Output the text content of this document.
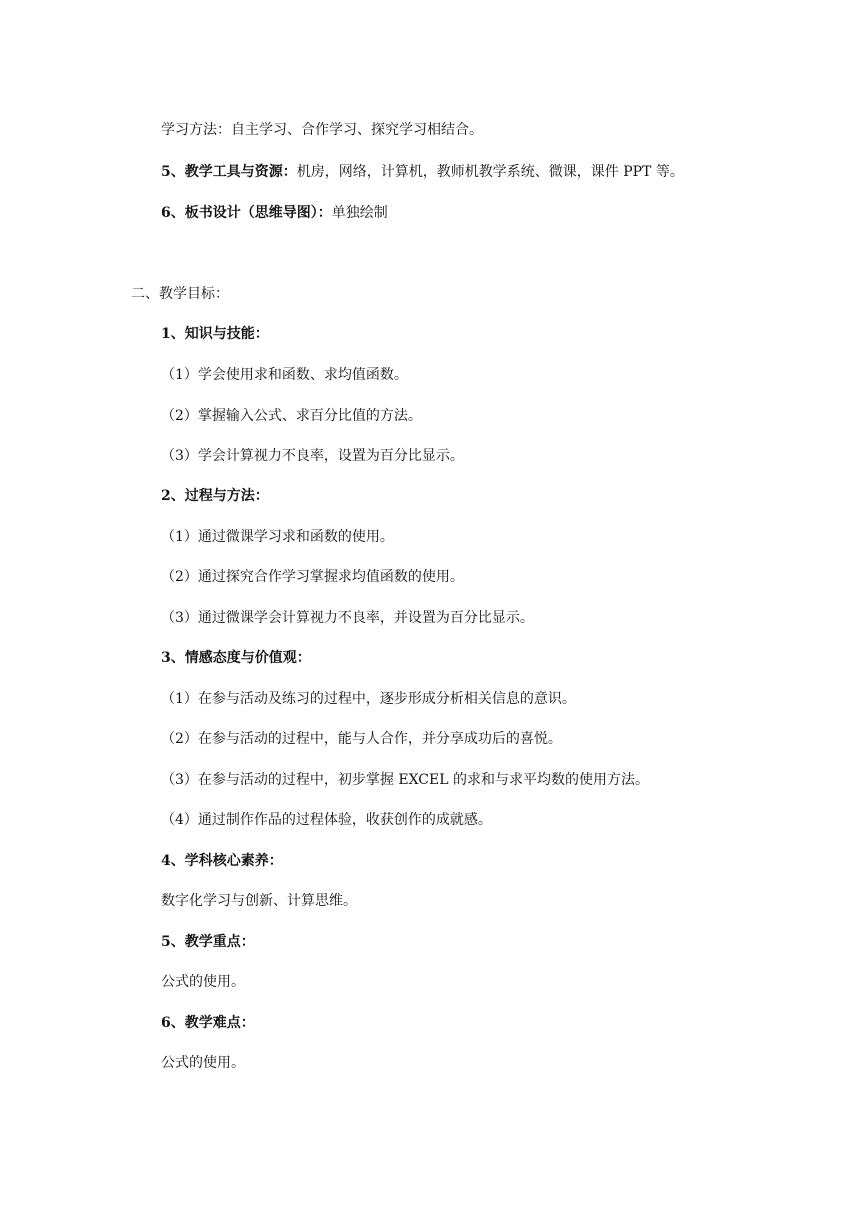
学习方法：自主学习、合作学习、探究学习相结合。
5、教学工具与资源：机房，网络，计算机，教师机教学系统、微课，课件 PPT 等。
6、板书设计（思维导图）：单独绘制
二、教学目标：
1、知识与技能：
（1）学会使用求和函数、求均值函数。
（2）掌握输入公式、求百分比值的方法。
（3）学会计算视力不良率，设置为百分比显示。
2、过程与方法：
（1）通过微课学习求和函数的使用。
（2）通过探究合作学习掌握求均值函数的使用。
（3）通过微课学会计算视力不良率，并设置为百分比显示。
3、情感态度与价值观：
（1）在参与活动及练习的过程中，逐步形成分析相关信息的意识。
（2）在参与活动的过程中，能与人合作，并分享成功后的喜悦。
（3）在参与活动的过程中，初步掌握 EXCEL 的求和与求平均数的使用方法。
（4）通过制作作品的过程体验，收获创作的成就感。
4、学科核心素养：
数字化学习与创新、计算思维。
5、教学重点：
公式的使用。
6、教学难点：
公式的使用。
